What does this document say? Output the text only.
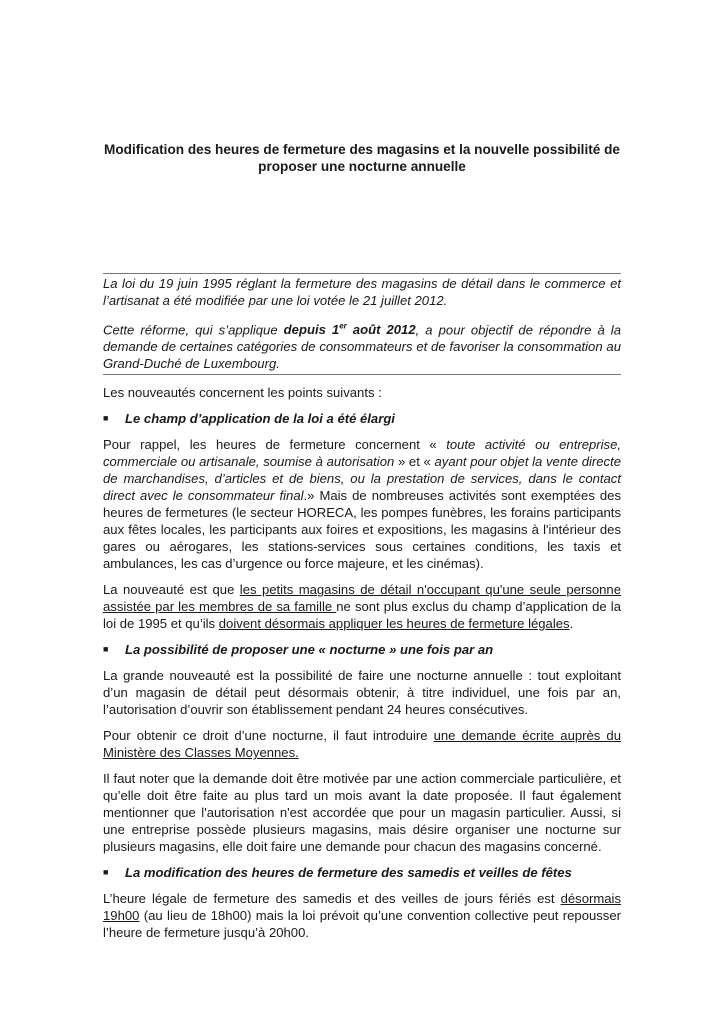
Modification des heures de fermeture des magasins et la nouvelle possibilité de
proposer une nocturne annuelle

La loi du 19 juin 1995 réglant la fermeture des magasins de détail dans le commerce et l’artisanat a été modifiée par une loi votée le 21 juillet 2012.

Cette réforme, qui s’applique depuis 1er août 2012, a pour objectif de répondre à la demande de certaines catégories de consommateurs et de favoriser la consommation au Grand-Duché de Luxembourg.

Les nouveautés concernent les points suivants :

■	Le champ d’application de la loi a été élargi

Pour rappel, les heures de fermeture concernent « toute activité ou entreprise, commerciale ou artisanale, soumise à autorisation » et « ayant pour objet la vente directe de marchandises, d’articles et de biens, ou la prestation de services, dans le contact direct avec le consommateur final.» Mais de nombreuses activités sont exemptées des heures de fermetures (le secteur HORECA, les pompes funèbres, les forains participants aux fêtes locales, les participants aux foires et expositions, les magasins à l'intérieur des gares ou aérogares, les stations-services sous certaines conditions, les taxis et ambulances, les cas d’urgence ou force majeure, et les cinémas).

La nouveauté est que les petits magasins de détail n'occupant qu'une seule personne assistée par les membres de sa famille ne sont plus exclus du champ d’application de la loi de 1995 et qu’ils doivent désormais appliquer les heures de fermeture légales.

■	La possibilité de proposer une « nocturne » une fois par an

La grande nouveauté est la possibilité de faire une nocturne annuelle : tout exploitant d’un magasin de détail peut désormais obtenir, à titre individuel, une fois par an, l’autorisation d’ouvrir son établissement pendant 24 heures consécutives.

Pour obtenir ce droit d’une nocturne, il faut introduire une demande écrite auprès du Ministère des Classes Moyennes.

Il faut noter que la demande doit être motivée par une action commerciale particulière, et qu’elle doit être faite au plus tard un mois avant la date proposée. Il faut également mentionner que l'autorisation n'est accordée que pour un magasin particulier. Aussi, si une entreprise possède plusieurs magasins, mais désire organiser une nocturne sur plusieurs magasins, elle doit faire une demande pour chacun des magasins concerné.

■	La modification des heures de fermeture des samedis et veilles de fêtes

L’heure légale de fermeture des samedis et des veilles de jours fériés est désormais 19h00 (au lieu de 18h00) mais la loi prévoit qu’une convention collective peut repousser l’heure de fermeture jusqu’à 20h00.
